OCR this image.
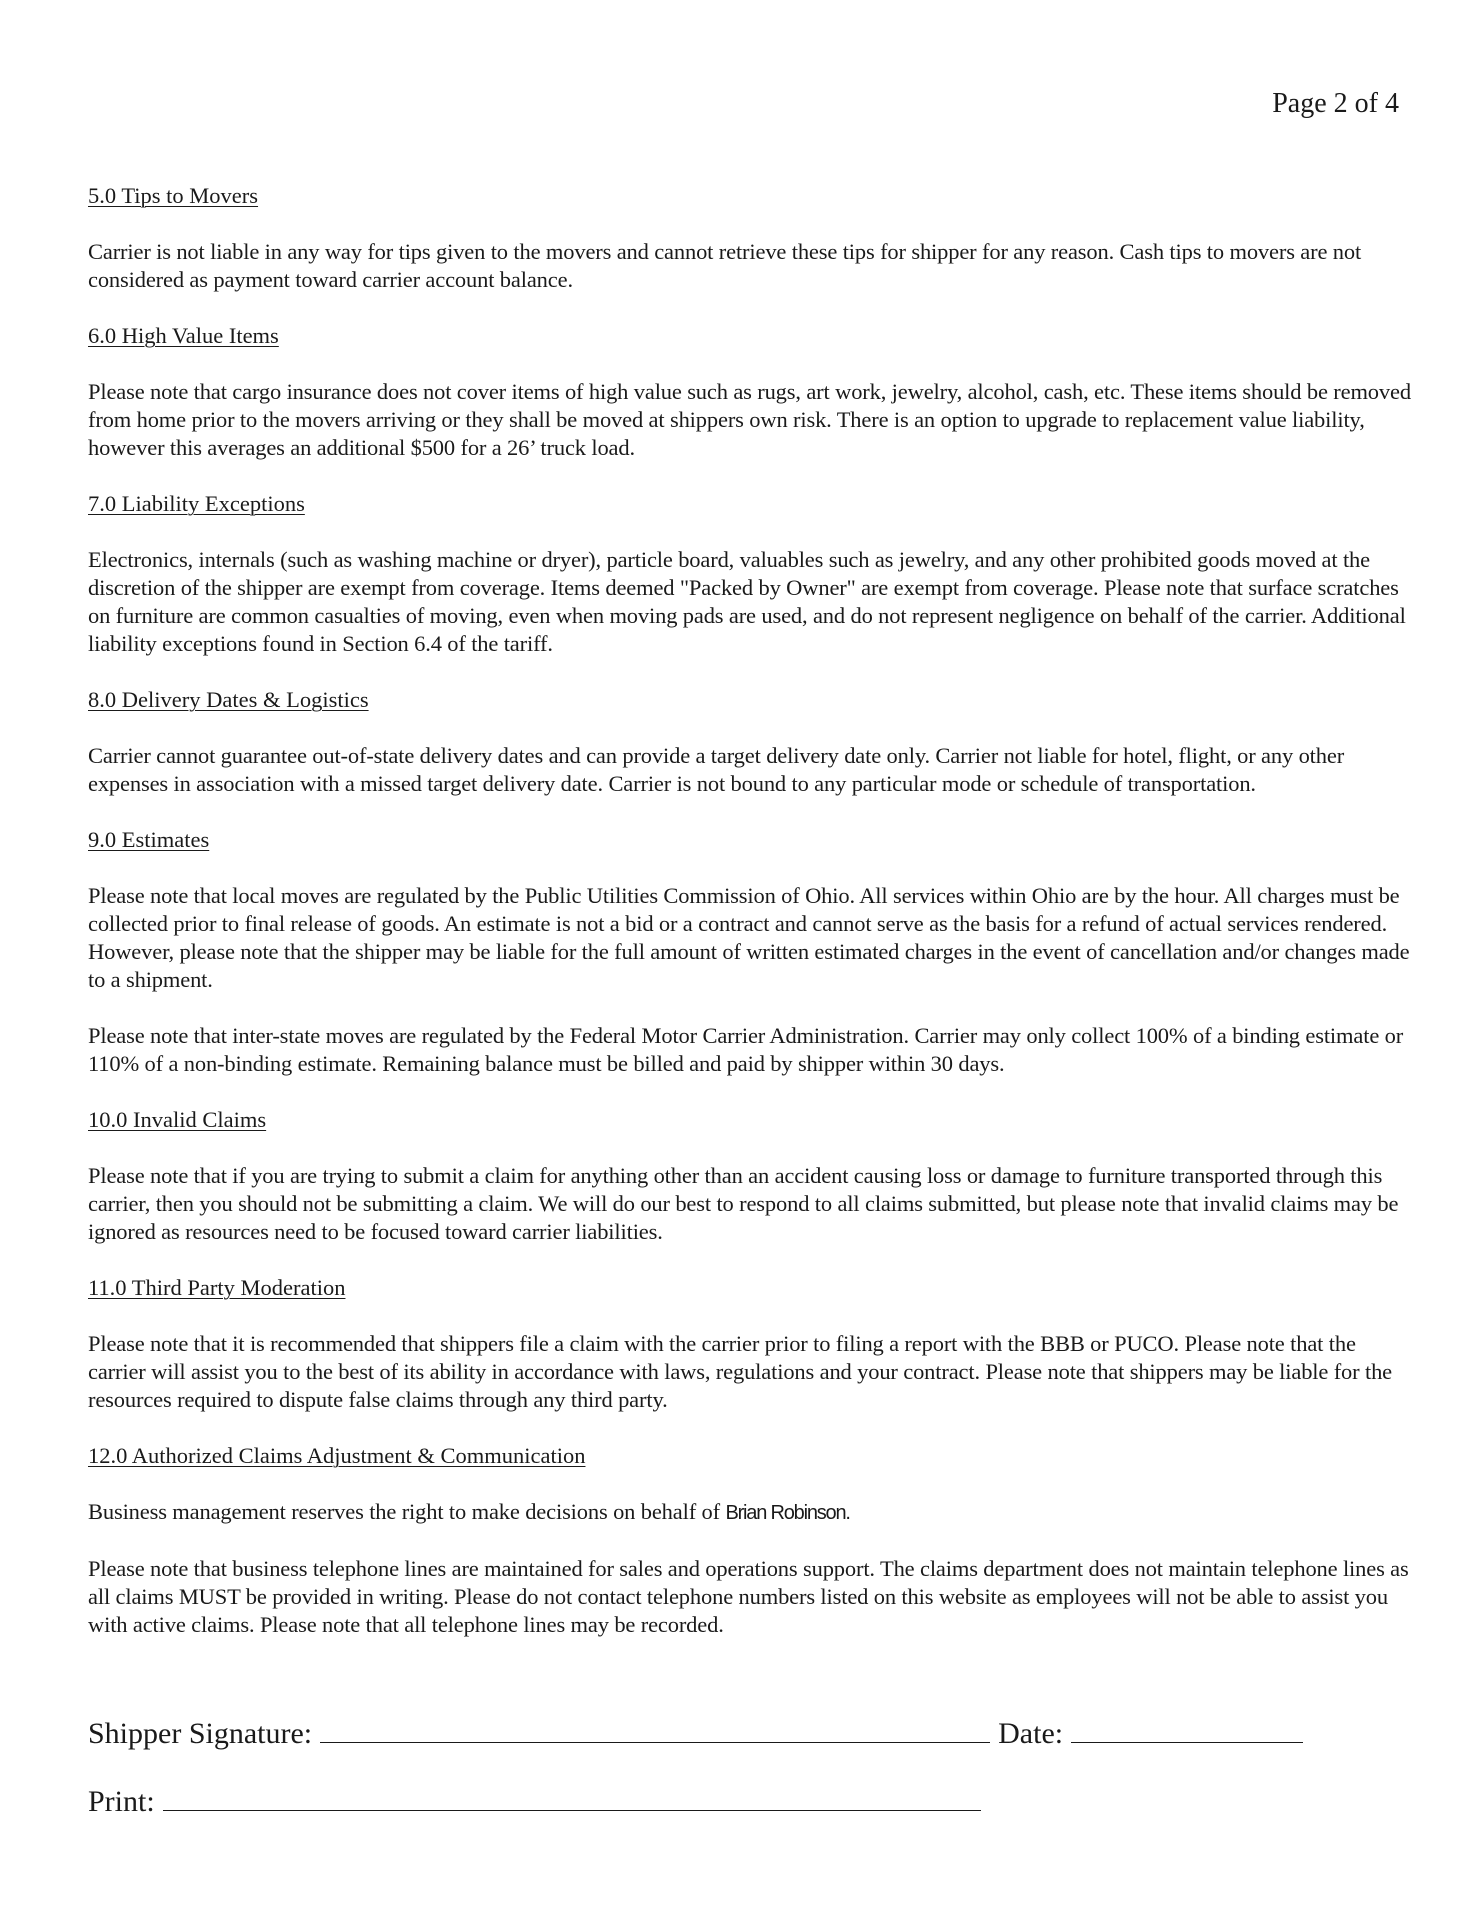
Page 2 of 4
5.0 Tips to Movers

Carrier is not liable in any way for tips given to the movers and cannot retrieve these tips for shipper for any reason. Cash tips to movers are not considered as payment toward carrier account balance.

6.0 High Value Items

Please note that cargo insurance does not cover items of high value such as rugs, art work, jewelry, alcohol, cash, etc. These items should be removed from home prior to the movers arriving or they shall be moved at shippers own risk. There is an option to upgrade to replacement value liability, however this averages an additional $500 for a 26’ truck load.

7.0 Liability Exceptions

Electronics, internals (such as washing machine or dryer), particle board, valuables such as jewelry, and any other prohibited goods moved at the discretion of the shipper are exempt from coverage. Items deemed "Packed by Owner" are exempt from coverage. Please note that surface scratches on furniture are common casualties of moving, even when moving pads are used, and do not represent negligence on behalf of the carrier. Additional liability exceptions found in Section 6.4 of the tariff.

8.0 Delivery Dates & Logistics

Carrier cannot guarantee out-of-state delivery dates and can provide a target delivery date only. Carrier not liable for hotel, flight, or any other expenses in association with a missed target delivery date. Carrier is not bound to any particular mode or schedule of transportation.

9.0 Estimates

Please note that local moves are regulated by the Public Utilities Commission of Ohio. All services within Ohio are by the hour. All charges must be collected prior to final release of goods. An estimate is not a bid or a contract and cannot serve as the basis for a refund of actual services rendered. However, please note that the shipper may be liable for the full amount of written estimated charges in the event of cancellation and/or changes made to a shipment.

Please note that inter-state moves are regulated by the Federal Motor Carrier Administration. Carrier may only collect 100% of a binding estimate or 110% of a non-binding estimate. Remaining balance must be billed and paid by shipper within 30 days.

10.0 Invalid Claims

Please note that if you are trying to submit a claim for anything other than an accident causing loss or damage to furniture transported through this carrier, then you should not be submitting a claim. We will do our best to respond to all claims submitted, but please note that invalid claims may be ignored as resources need to be focused toward carrier liabilities.

11.0 Third Party Moderation

Please note that it is recommended that shippers file a claim with the carrier prior to filing a report with the BBB or PUCO. Please note that the carrier will assist you to the best of its ability in accordance with laws, regulations and your contract. Please note that shippers may be liable for the resources required to dispute false claims through any third party.

12.0 Authorized Claims Adjustment & Communication

Business management reserves the right to make decisions on behalf of Brian Robinson.

Please note that business telephone lines are maintained for sales and operations support. The claims department does not maintain telephone lines as all claims MUST be provided in writing. Please do not contact telephone numbers listed on this website as employees will not be able to assist you with active claims. Please note that all telephone lines may be recorded.

Shipper Signature:	Date:
Print:
